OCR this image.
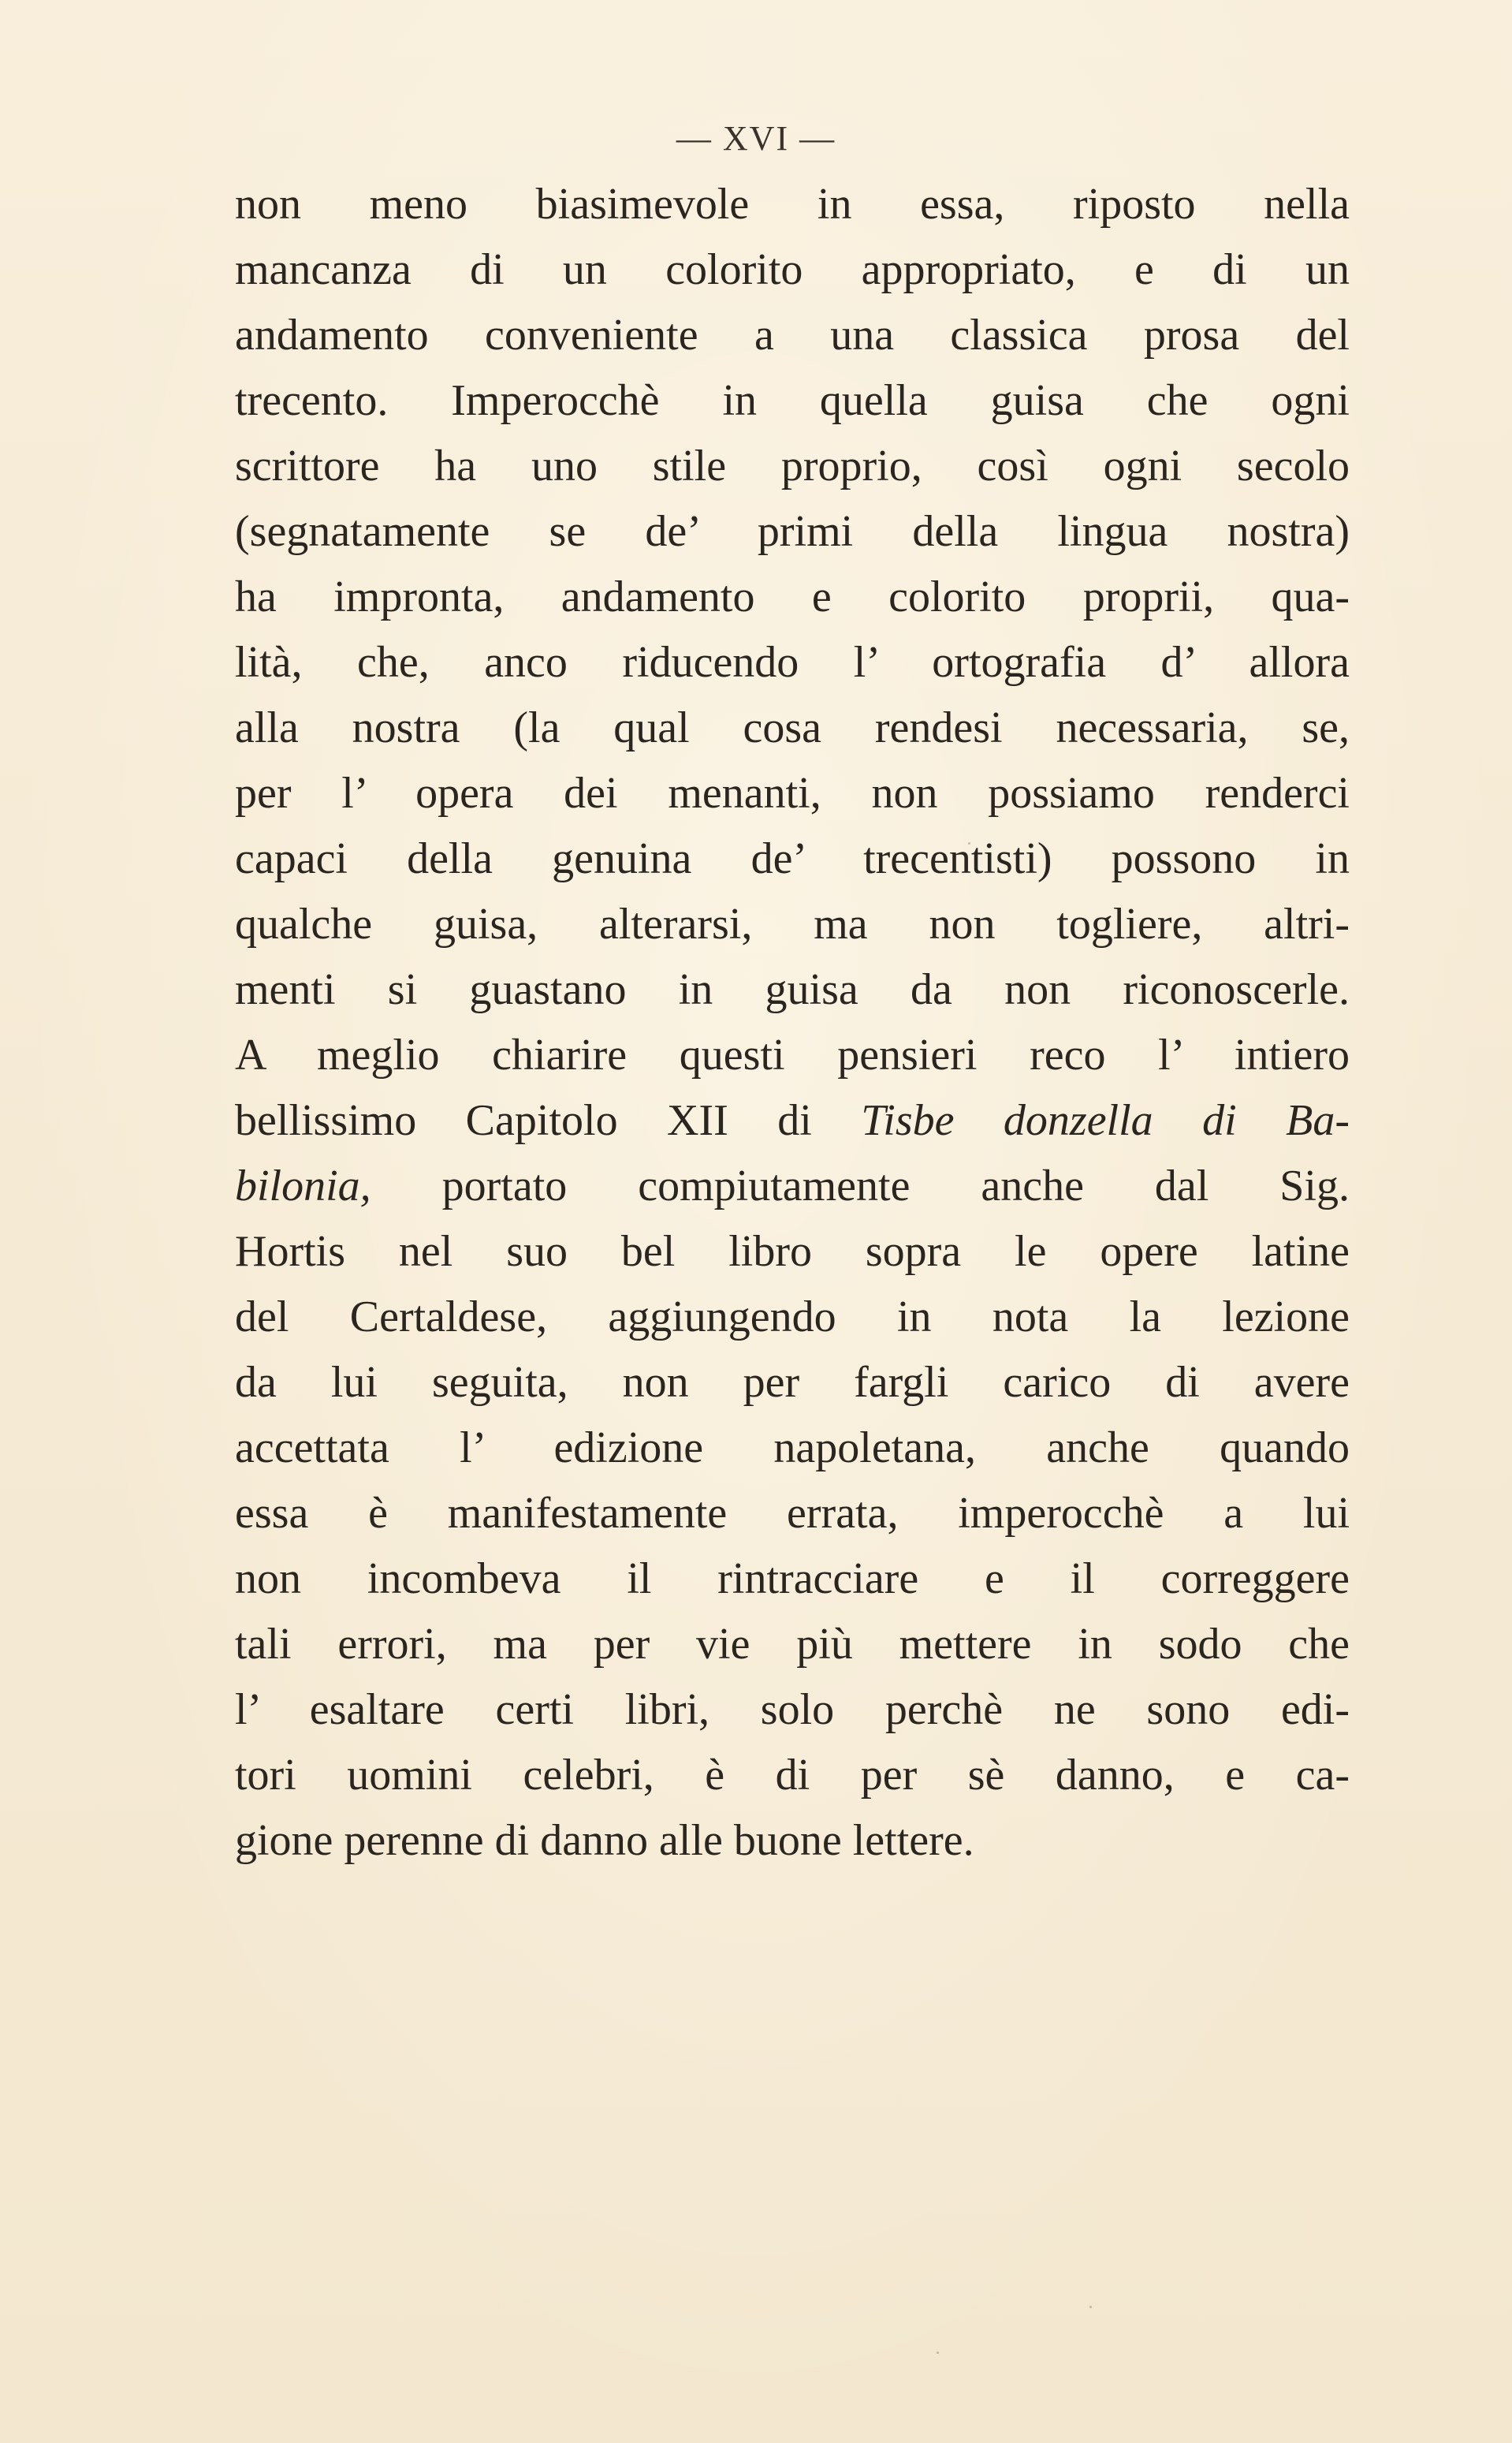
— XVI —
non meno biasimevole in essa, riposto nella
mancanza di un colorito appropriato, e di un
andamento conveniente a una classica prosa del
trecento. Imperocchè in quella guisa che ogni
scrittore ha uno stile proprio, così ogni secolo
(segnatamente se de’ primi della lingua nostra)
ha impronta, andamento e colorito proprii, qua-
lità, che, anco riducendo l’ ortografia d’ allora
alla nostra (la qual cosa rendesi necessaria, se,
per l’ opera dei menanti, non possiamo renderci
capaci della genuina de’ trecentisti) possono in
qualche guisa, alterarsi, ma non togliere, altri-
menti si guastano in guisa da non riconoscerle.
A meglio chiarire questi pensieri reco l’ intiero
bellissimo Capitolo XII di Tisbe donzella di Ba-
bilonia, portato compiutamente anche dal Sig.
Hortis nel suo bel libro sopra le opere latine
del Certaldese, aggiungendo in nota la lezione
da lui seguita, non per fargli carico di avere
accettata l’ edizione napoletana, anche quando
essa è manifestamente errata, imperocchè a lui
non incombeva il rintracciare e il correggere
tali errori, ma per vie più mettere in sodo che
l’ esaltare certi libri, solo perchè ne sono edi-
tori uomini celebri, è di per sè danno, e ca-
gione perenne di danno alle buone lettere.
